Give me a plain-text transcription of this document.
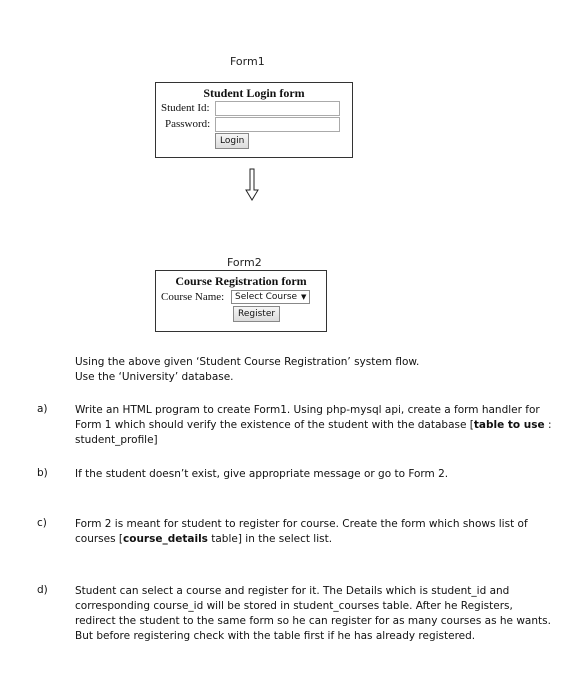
Form1
Student Login form
Student Id:
Password:
Login
Form2
Course Registration form
Course Name: Select Course ▼
Register
Using the above given ‘Student Course Registration’ system flow.
Use the ‘University’ database.
a)	Write an HTML program to create Form1. Using php-mysql api, create a form handler for Form 1 which should verify the existence of the student with the database [table to use : student_profile]
b)	If the student doesn’t exist, give appropriate message or go to Form 2.
c)	Form 2 is meant for student to register for course. Create the form which shows list of courses [course_details table] in the select list.
d)	Student can select a course and register for it. The Details which is student_id and corresponding course_id will be stored in student_courses table. After he Registers, redirect the student to the same form so he can register for as many courses as he wants. But before registering check with the table first if he has already registered.
